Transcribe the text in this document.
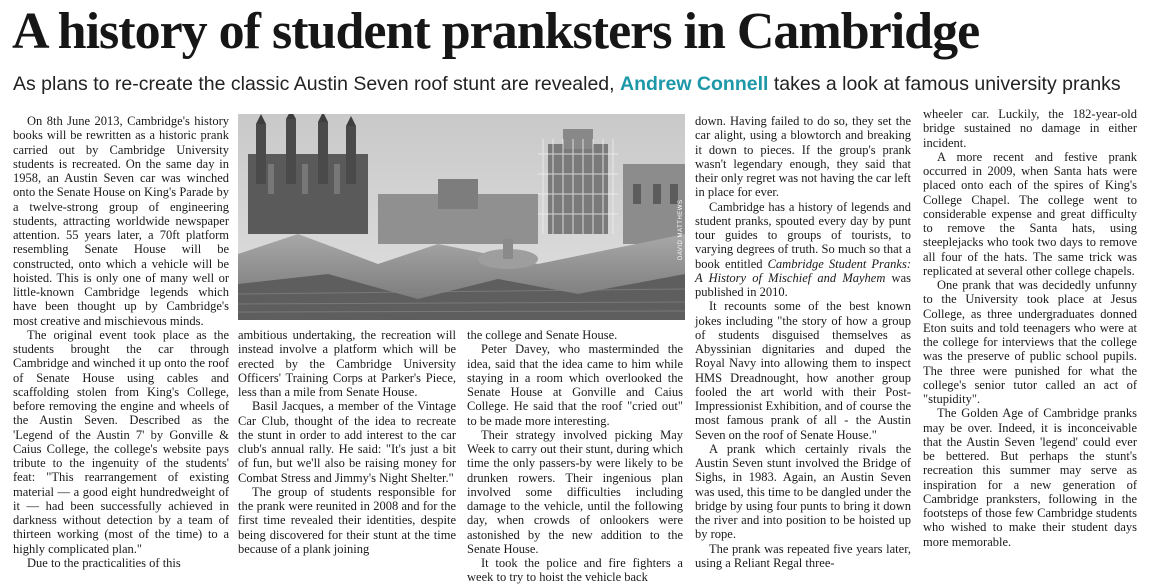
A history of student pranksters in Cambridge
As plans to re-create the classic Austin Seven roof stunt are revealed, Andrew Connell takes a look at famous university pranks

On 8th June 2013, Cambridge's history books will be rewritten as a historic prank carried out by Cambridge University students is recreated. On the same day in 1958, an Austin Seven car was winched onto the Senate House on King's Parade by a twelve-strong group of engineering students, attracting worldwide newspaper attention. 55 years later, a 70ft platform resembling Senate House will be constructed, onto which a vehicle will be hoisted. This is only one of many well or little-known Cambridge legends which have been thought up by Cambridge's most creative and mischievous minds.

The original event took place as the students brought the car through Cambridge and winched it up onto the roof of Senate House using cables and scaffolding stolen from King's College, before removing the engine and wheels of the Austin Seven. Described as the 'Legend of the Austin 7' by Gonville & Caius College, the college's website pays tribute to the ingenuity of the students' feat: "This rearrangement of existing material — a good eight hundredweight of it — had been successfully achieved in darkness without detection by a team of thirteen working (most of the time) to a highly complicated plan."

Due to the practicalities of this

DAVID MATTHEWS

ambitious undertaking, the recreation will instead involve a platform which will be erected by the Cambridge University Officers' Training Corps at Parker's Piece, less than a mile from Senate House.

Basil Jacques, a member of the Vintage Car Club, thought of the idea to recreate the stunt in order to add interest to the car club's annual rally. He said: "It's just a bit of fun, but we'll also be raising money for Combat Stress and Jimmy's Night Shelter."

The group of students responsible for the prank were reunited in 2008 and for the first time revealed their identities, despite being discovered for their stunt at the time because of a plank joining

the college and Senate House.

Peter Davey, who masterminded the idea, said that the idea came to him while staying in a room which overlooked the Senate House at Gonville and Caius College. He said that the roof "cried out" to be made more interesting.

Their strategy involved picking May Week to carry out their stunt, during which time the only passers-by were likely to be drunken rowers. Their ingenious plan involved some difficulties including damage to the vehicle, until the following day, when crowds of onlookers were astonished by the new addition to the Senate House.

It took the police and fire fighters a week to try to hoist the vehicle back

down. Having failed to do so, they set the car alight, using a blowtorch and breaking it down to pieces. If the group's prank wasn't legendary enough, they said that their only regret was not having the car left in place for ever.

Cambridge has a history of legends and student pranks, spouted every day by punt tour guides to groups of tourists, to varying degrees of truth. So much so that a book entitled Cambridge Student Pranks: A History of Mischief and Mayhem was published in 2010.

It recounts some of the best known jokes including "the story of how a group of students disguised themselves as Abyssinian dignitaries and duped the Royal Navy into allowing them to inspect HMS Dreadnought, how another group fooled the art world with their Post-Impressionist Exhibition, and of course the most famous prank of all - the Austin Seven on the roof of Senate House."

A prank which certainly rivals the Austin Seven stunt involved the Bridge of Sighs, in 1983. Again, an Austin Seven was used, this time to be dangled under the bridge by using four punts to bring it down the river and into position to be hoisted up by rope.

The prank was repeated five years later, using a Reliant Regal three-

wheeler car. Luckily, the 182-year-old bridge sustained no damage in either incident.

A more recent and festive prank occurred in 2009, when Santa hats were placed onto each of the spires of King's College Chapel. The college went to considerable expense and great difficulty to remove the Santa hats, using steeplejacks who took two days to remove all four of the hats. The same trick was replicated at several other college chapels.

One prank that was decidedly unfunny to the University took place at Jesus College, as three undergraduates donned Eton suits and told teenagers who were at the college for interviews that the college was the preserve of public school pupils. The three were punished for what the college's senior tutor called an act of "stupidity".

The Golden Age of Cambridge pranks may be over. Indeed, it is inconceivable that the Austin Seven 'legend' could ever be bettered. But perhaps the stunt's recreation this summer may serve as inspiration for a new generation of Cambridge pranksters, following in the footsteps of those few Cambridge students who wished to make their student days more memorable.
